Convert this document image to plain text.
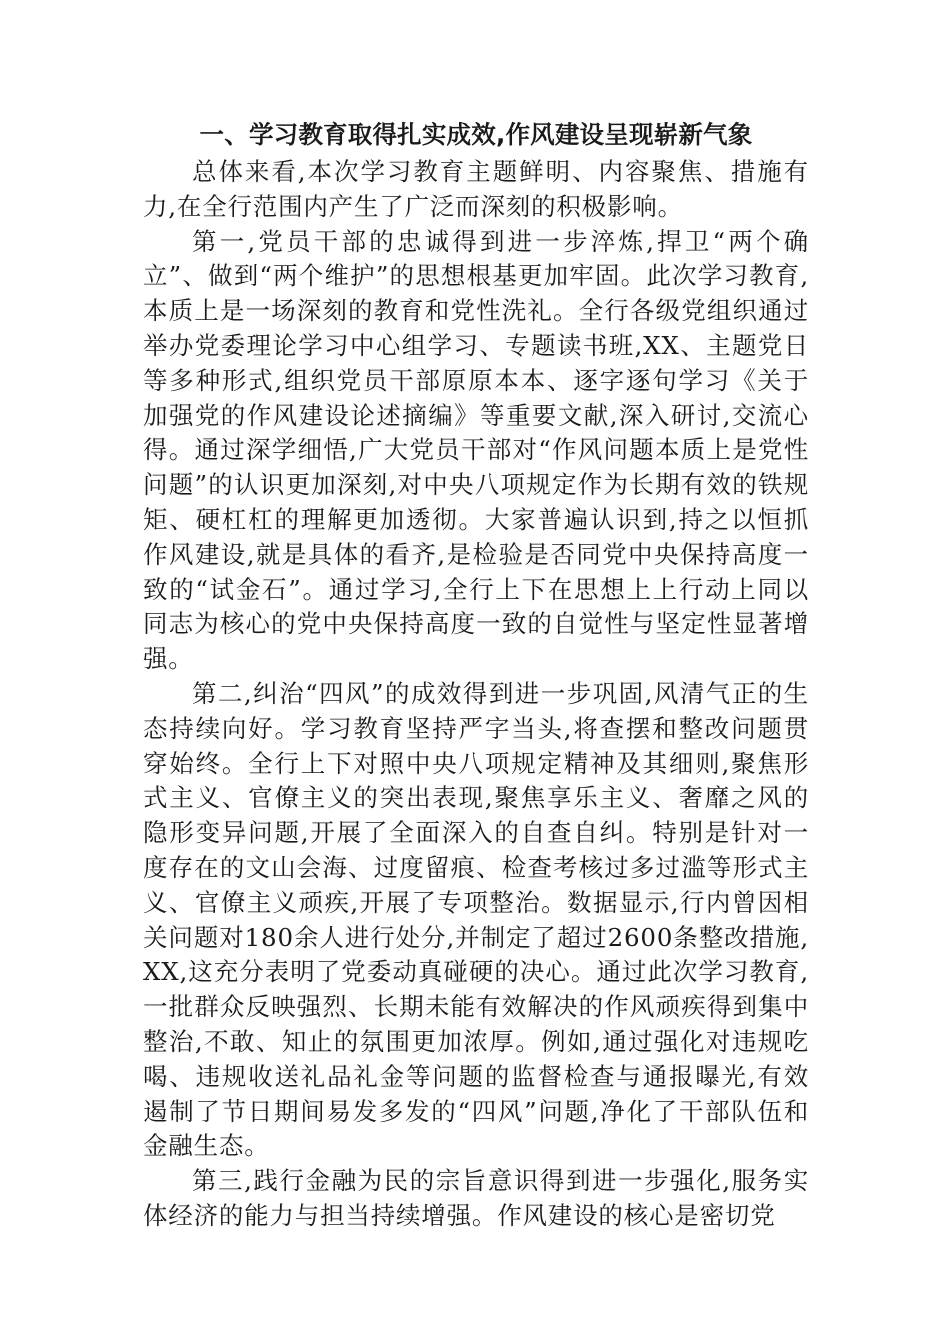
一、学习教育取得扎实成效,作风建设呈现崭新气象

总体来看,本次学习教育主题鲜明、内容聚焦、措施有力,在全行范围内产生了广泛而深刻的积极影响。

第一,党员干部的忠诚得到进一步淬炼,捍卫“两个确立”、做到“两个维护”的思想根基更加牢固。此次学习教育,本质上是一场深刻的教育和党性洗礼。全行各级党组织通过举办党委理论学习中心组学习、专题读书班,XX、主题党日等多种形式,组织党员干部原原本本、逐字逐句学习《关于加强党的作风建设论述摘编》等重要文献,深入研讨,交流心得。通过深学细悟,广大党员干部对“作风问题本质上是党性问题”的认识更加深刻,对中央八项规定作为长期有效的铁规矩、硬杠杠的理解更加透彻。大家普遍认识到,持之以恒抓作风建设,就是具体的看齐,是检验是否同党中央保持高度一致的“试金石”。通过学习,全行上下在思想上上行动上同以同志为核心的党中央保持高度一致的自觉性与坚定性显著增强。

第二,纠治“四风”的成效得到进一步巩固,风清气正的生态持续向好。学习教育坚持严字当头,将查摆和整改问题贯穿始终。全行上下对照中央八项规定精神及其细则,聚焦形式主义、官僚主义的突出表现,聚焦享乐主义、奢靡之风的隐形变异问题,开展了全面深入的自查自纠。特别是针对一度存在的文山会海、过度留痕、检查考核过多过滥等形式主义、官僚主义顽疾,开展了专项整治。数据显示,行内曾因相关问题对180余人进行处分,并制定了超过2600条整改措施,XX,这充分表明了党委动真碰硬的决心。通过此次学习教育,一批群众反映强烈、长期未能有效解决的作风顽疾得到集中整治,不敢、知止的氛围更加浓厚。例如,通过强化对违规吃喝、违规收送礼品礼金等问题的监督检查与通报曝光,有效遏制了节日期间易发多发的“四风”问题,净化了干部队伍和金融生态。

第三,践行金融为民的宗旨意识得到进一步强化,服务实体经济的能力与担当持续增强。作风建设的核心是密切党
